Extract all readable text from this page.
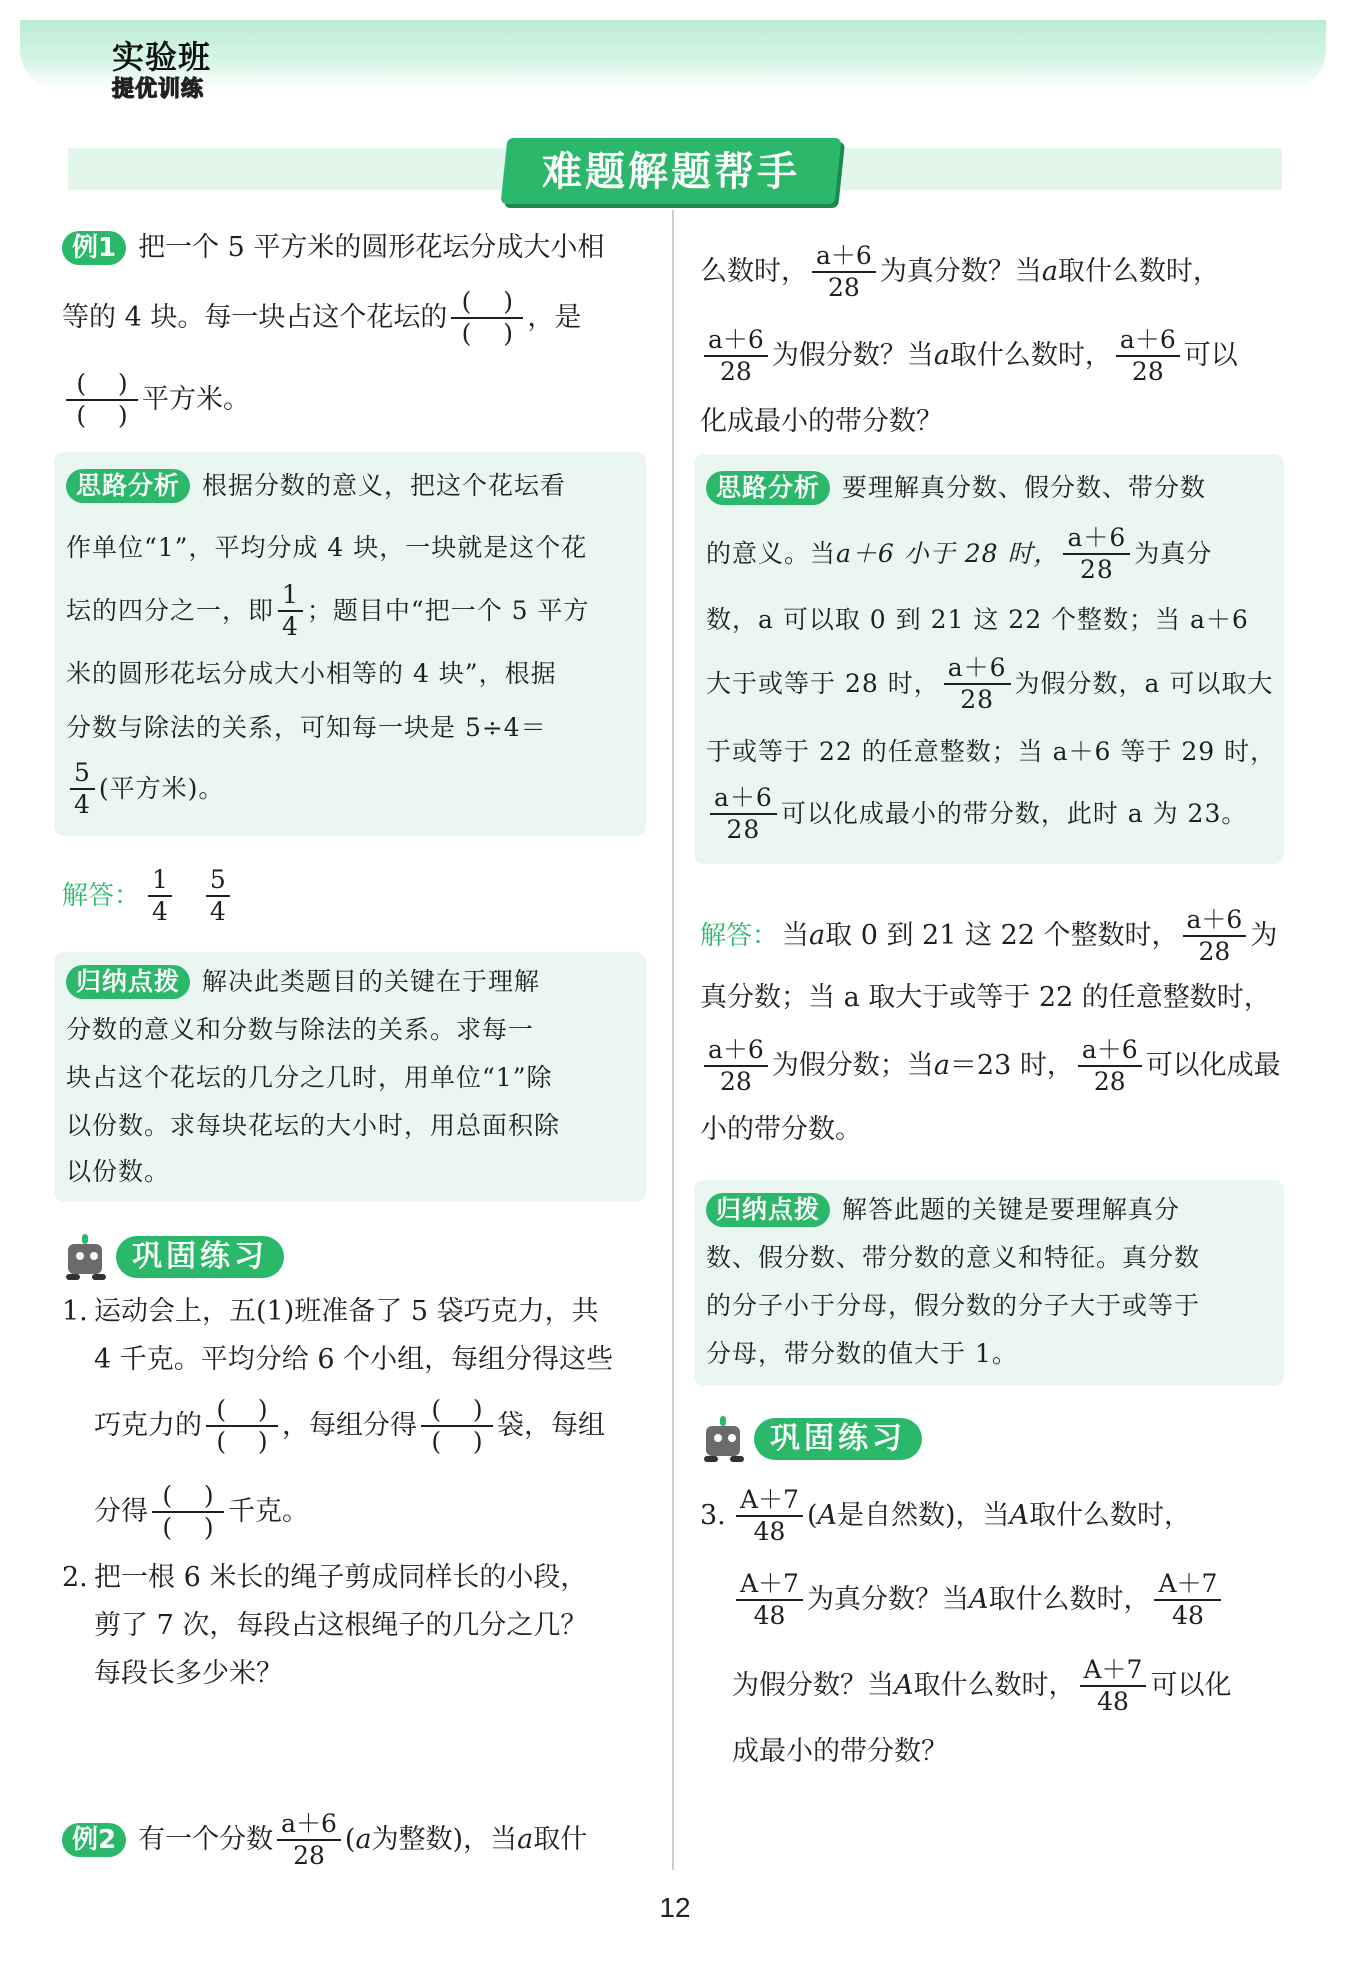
实验班
提优训练
难题解题帮手
例1 把一个 5 平方米的圆形花坛分成大小相
等的 4 块。每一块占这个花坛的 $\frac{( )}{( )}$ ，是
$\frac{( )}{( )}$ 平方米。
思路分析 根据分数的意义，把这个花坛看
作单位“1”，平均分成 4 块，一块就是这个花
坛的四分之一，即 $\frac{1}{4}$ ；题目中“把一个 5 平方
米的圆形花坛分成大小相等的 4 块”，根据
分数与除法的关系，可知每一块是 5÷4＝
$\frac{5}{4}$ (平方米)。
解答： $\frac{1}{4} \frac{5}{4}$
归纳点拨 解决此类题目的关键在于理解
分数的意义和分数与除法的关系。求每一
块占这个花坛的几分之几时，用单位“1”除
以份数。求每块花坛的大小时，用总面积除
以份数。
巩固练习
1. 运动会上，五(1)班准备了 5 袋巧克力，共
4 千克。平均分给 6 个小组，每组分得这些
巧克力的 $\frac{( )}{( )}$ ，每组分得 $\frac{( )}{( )}$ 袋，每组
分得 $\frac{( )}{( )}$ 千克。
2. 把一根 6 米长的绳子剪成同样长的小段，
剪了 7 次，每段占这根绳子的几分之几？
每段长多少米？
例2 有一个分数 $\frac{a+6}{28}$ ( a 为整数)，当 a 取什
么数时， $\frac{a+6}{28}$ 为真分数？当 a 取什么数时，
$\frac{a+6}{28}$ 为假分数？当 a 取什么数时， $\frac{a+6}{28}$ 可以
化成最小的带分数？
思路分析 要理解真分数、假分数、带分数
的意义。当 a＋6 小于 28 时， $\frac{a+6}{28}$ 为真分
数，a 可以取 0 到 21 这 22 个整数；当 a＋6
大于或等于 28 时， $\frac{a+6}{28}$ 为假分数，a 可以取大
于或等于 22 的任意整数；当 a＋6 等于 29 时，
$\frac{a+6}{28}$ 可以化成最小的带分数，此时 a 为 23。
解答： 当 a 取 0 到 21 这 22 个整数时， $\frac{a+6}{28}$ 为
真分数；当 a 取大于或等于 22 的任意整数时，
$\frac{a+6}{28}$ 为假分数；当 a ＝23 时， $\frac{a+6}{28}$ 可以化成最
小的带分数。
归纳点拨 解答此题的关键是要理解真分
数、假分数、带分数的意义和特征。真分数
的分子小于分母，假分数的分子大于或等于
分母，带分数的值大于 1。
巩固练习
3. $\frac{A+7}{48}$ ( A 是自然数)，当 A 取什么数时，
$\frac{A+7}{48}$ 为真分数？当 A 取什么数时， $\frac{A+7}{48}$
为假分数？当 A 取什么数时， $\frac{A+7}{48}$ 可以化
成最小的带分数？
12
